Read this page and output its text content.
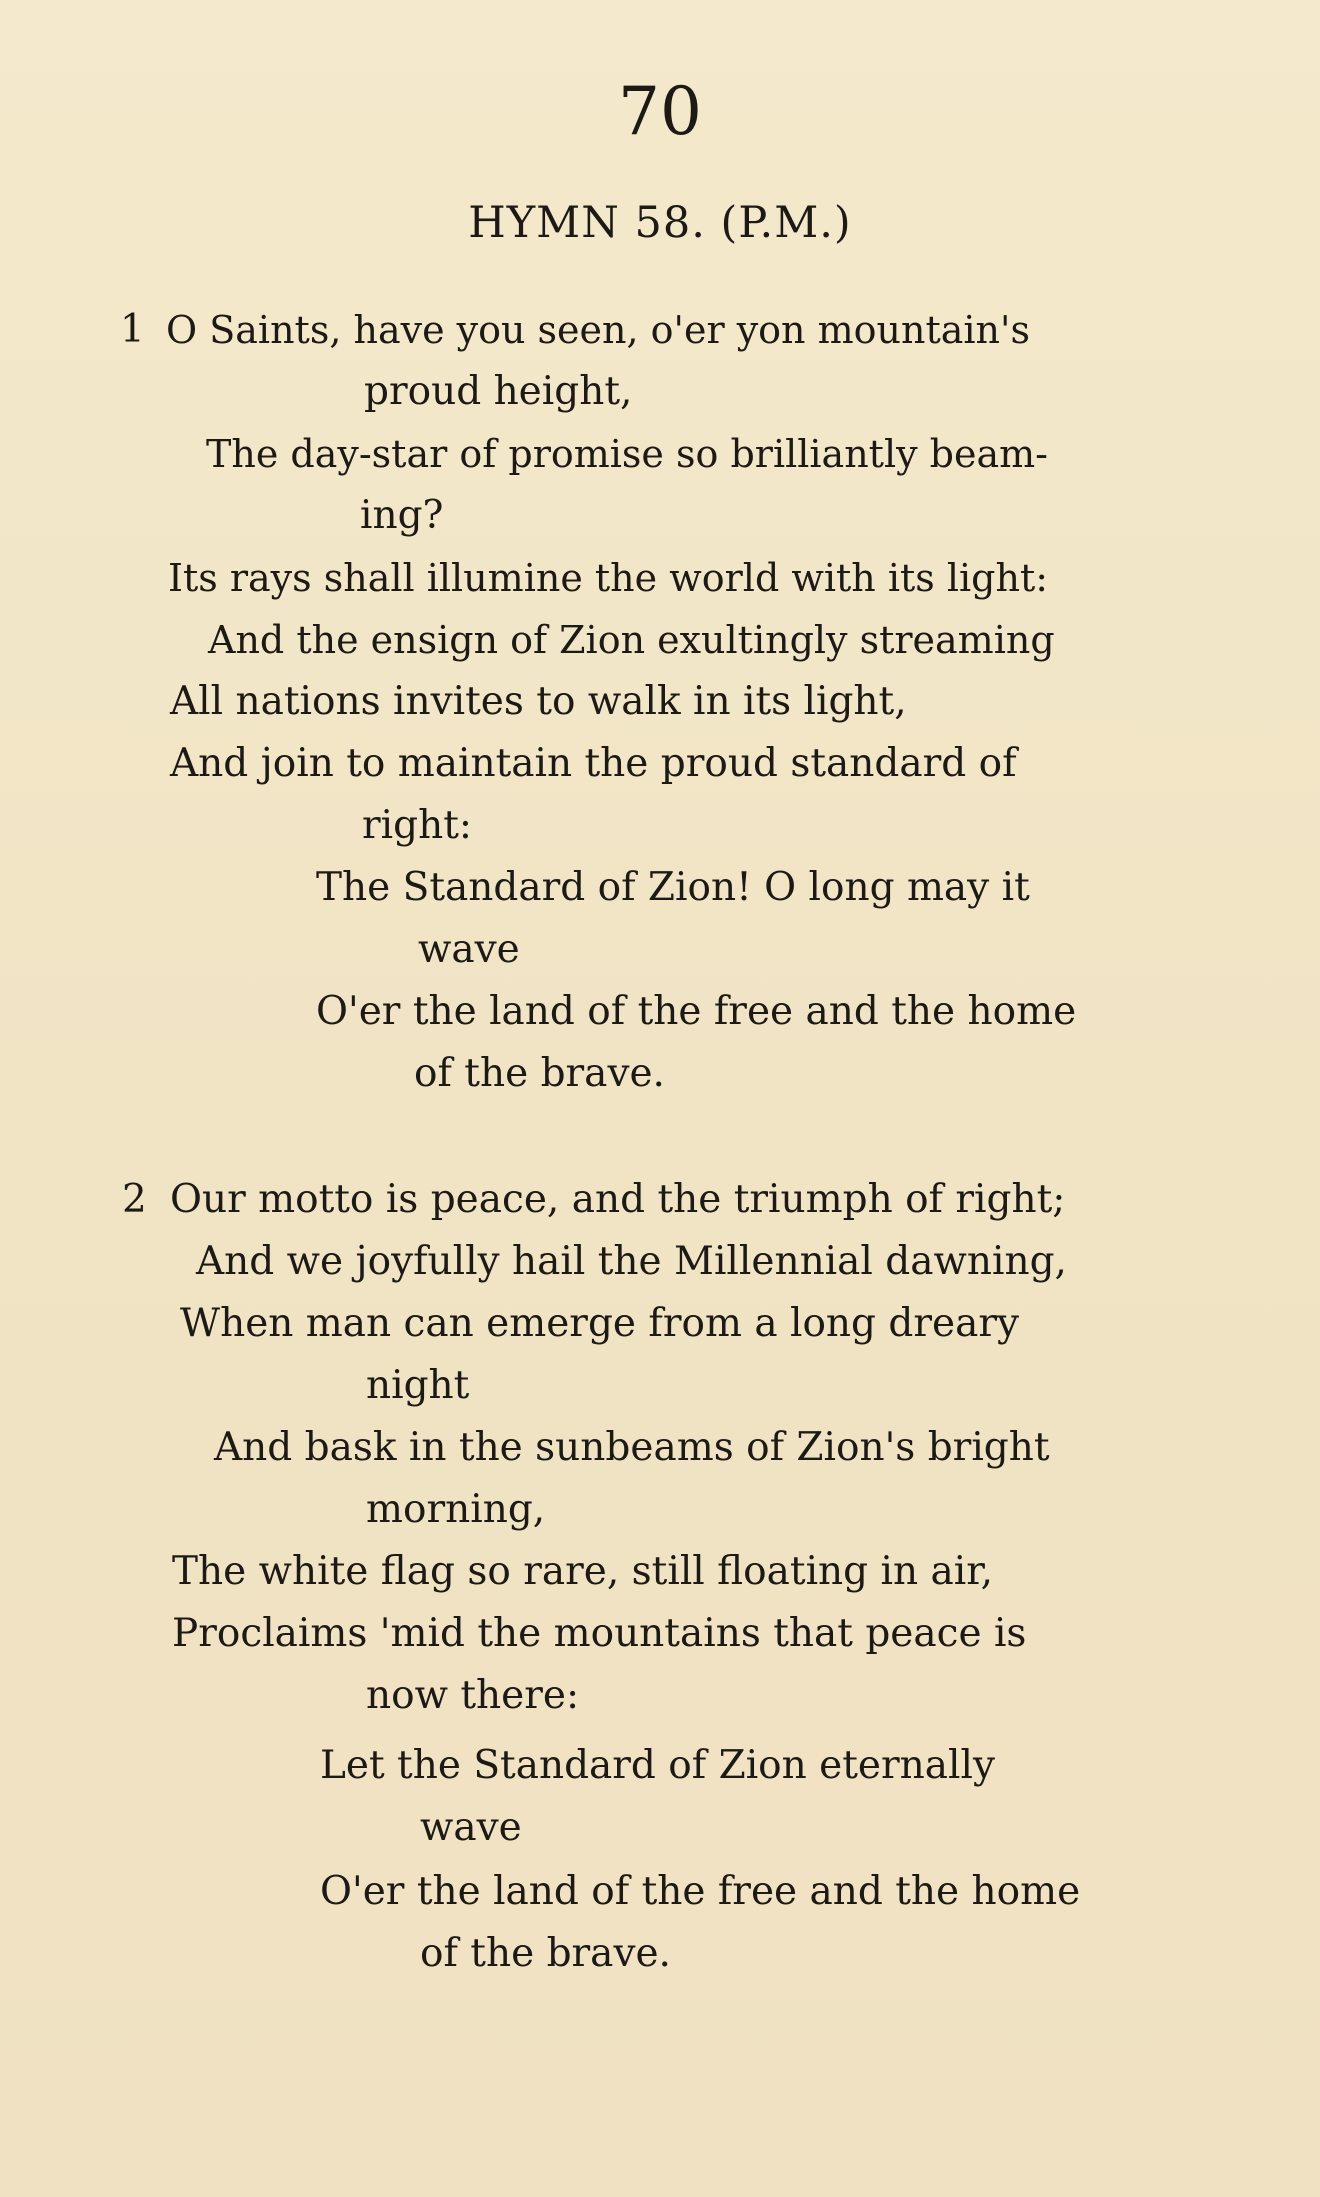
70
HYMN 58. (P.M.)
1 O Saints, have you seen, o'er yon mountain's
proud height,
The day-star of promise so brilliantly beam-
ing?
Its rays shall illumine the world with its light:
And the ensign of Zion exultingly streaming
All nations invites to walk in its light,
And join to maintain the proud standard of
right:
The Standard of Zion! O long may it
wave
O'er the land of the free and the home
of the brave.
2 Our motto is peace, and the triumph of right;
And we joyfully hail the Millennial dawning,
When man can emerge from a long dreary
night
And bask in the sunbeams of Zion's bright
morning,
The white flag so rare, still floating in air,
Proclaims 'mid the mountains that peace is
now there:
Let the Standard of Zion eternally
wave
O'er the land of the free and the home
of the brave.
